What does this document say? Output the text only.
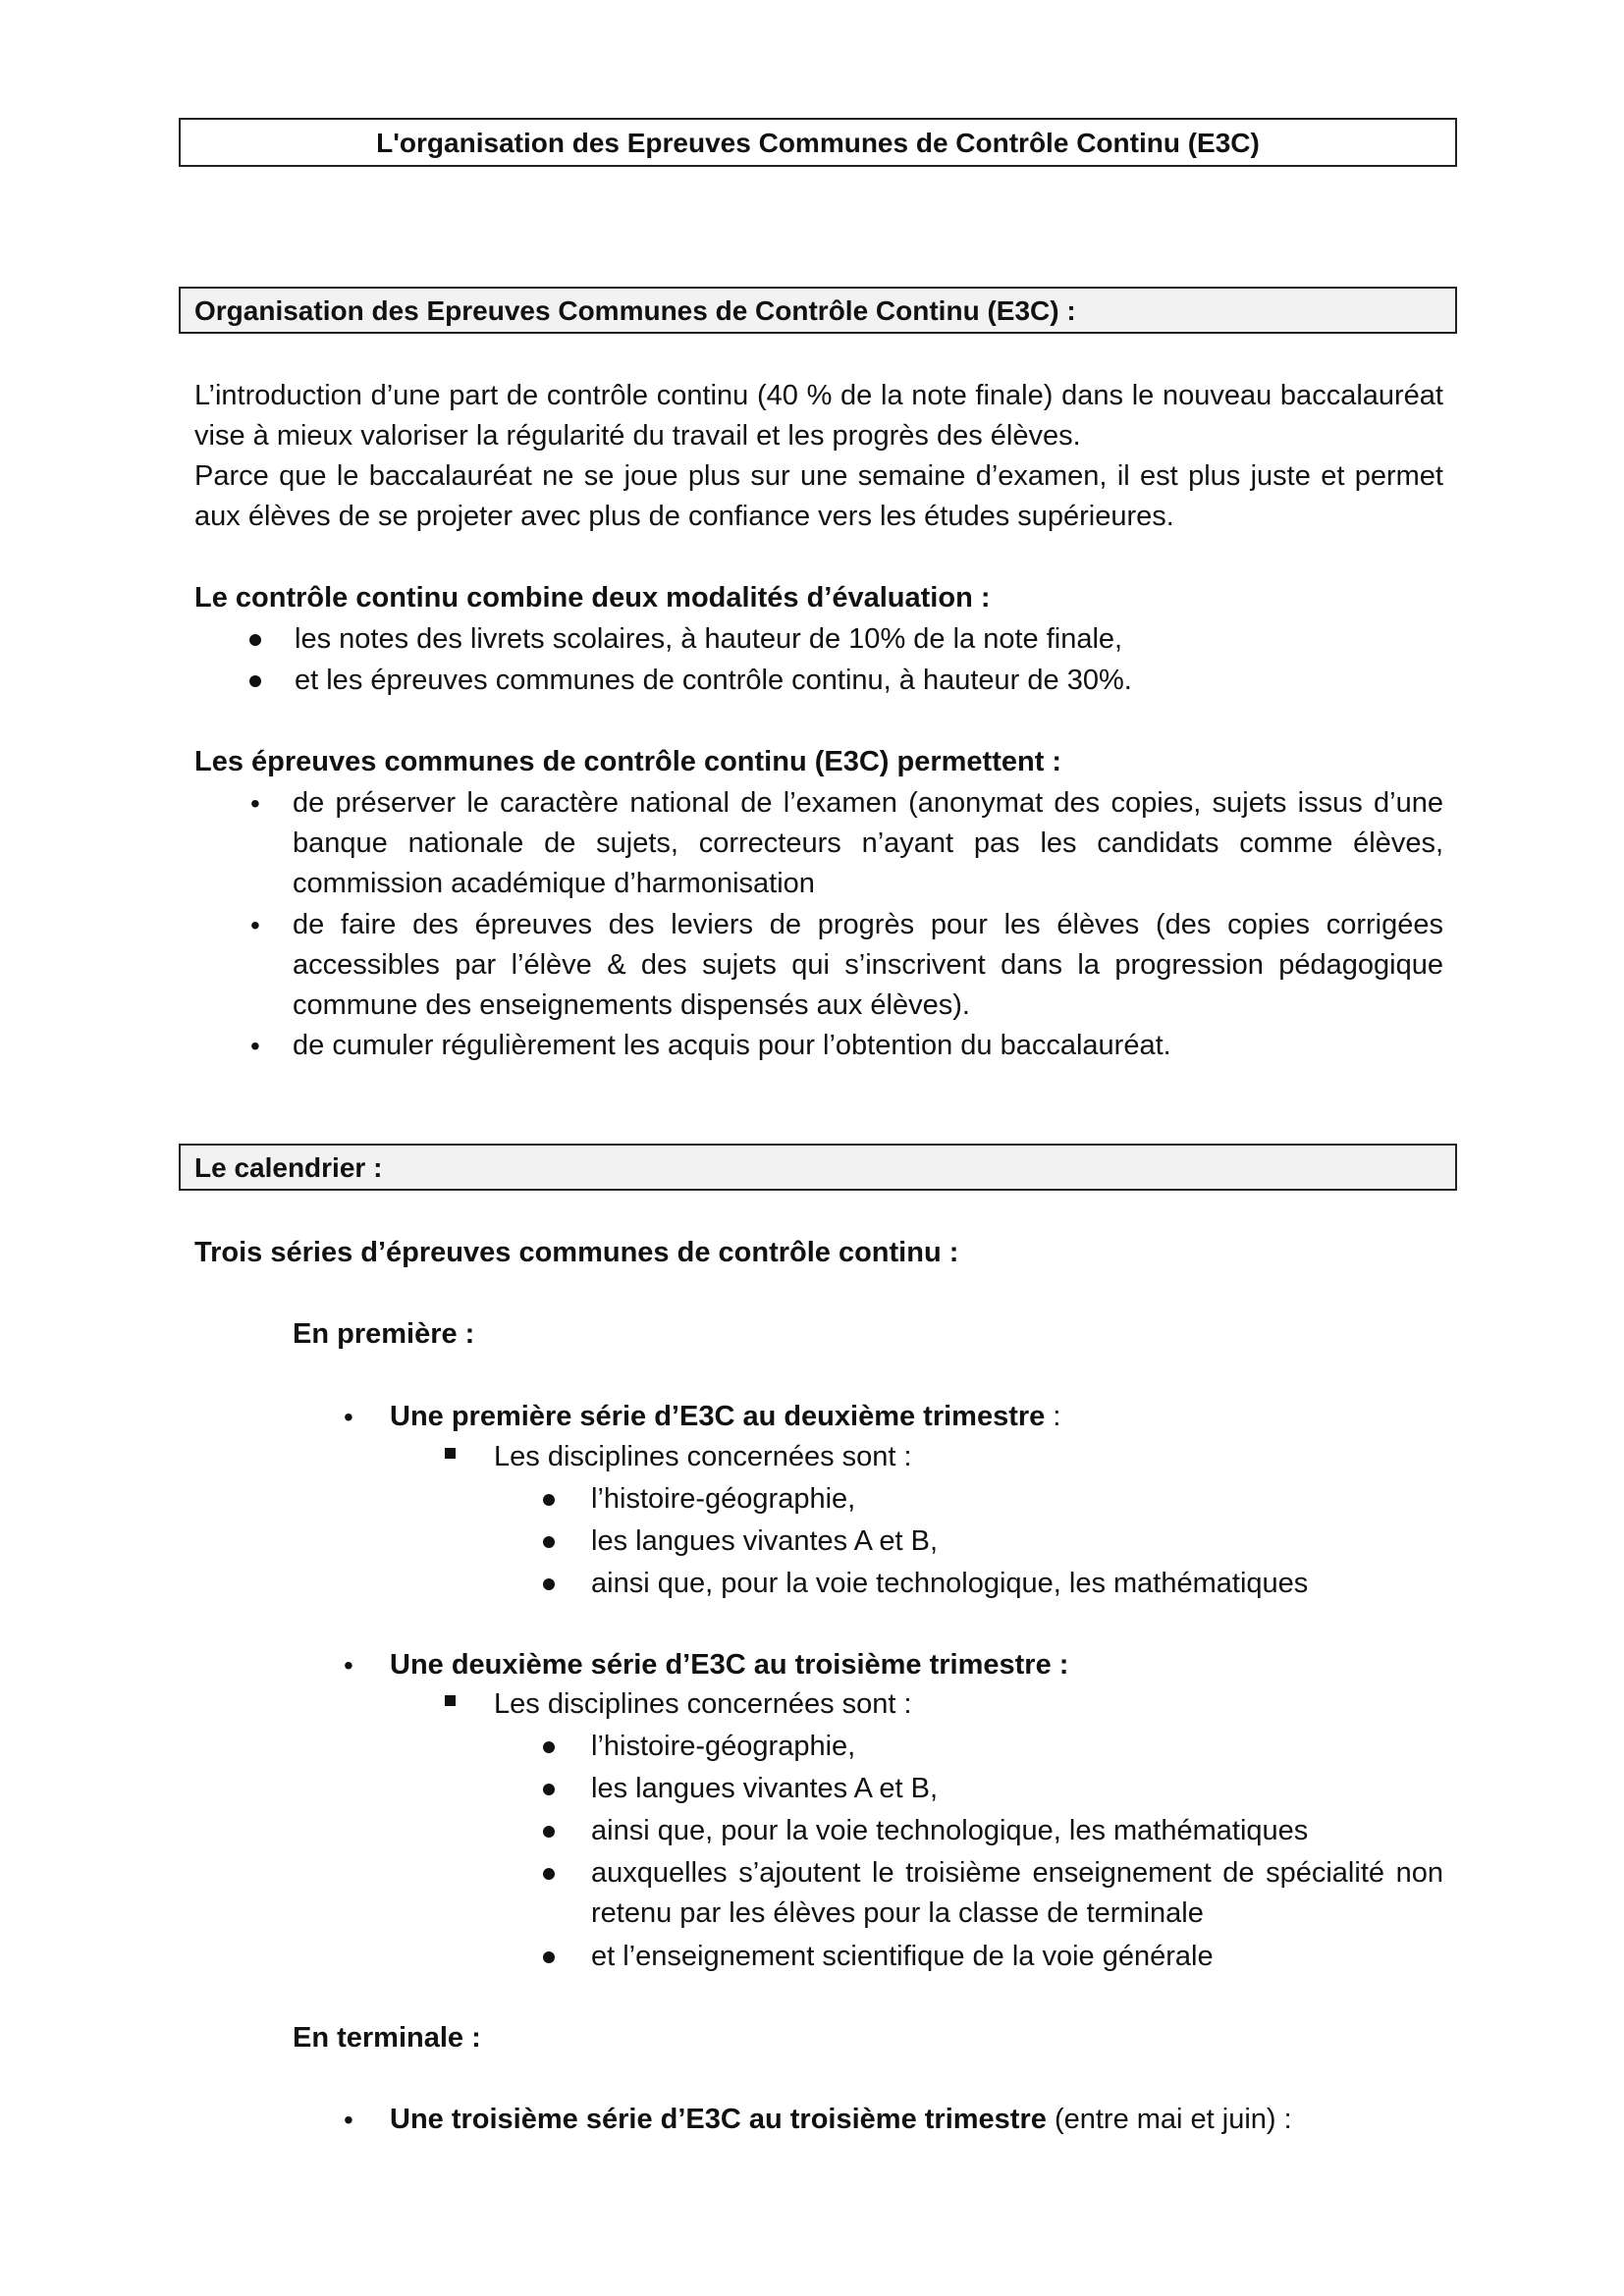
L'organisation des Epreuves Communes de Contrôle Continu (E3C)
Organisation des Epreuves Communes de Contrôle Continu (E3C) :
L’introduction d’une part de contrôle continu (40 % de la note finale) dans le nouveau baccalauréat vise à mieux valoriser la régularité du travail et les progrès des élèves.
Parce que le baccalauréat ne se joue plus sur une semaine d’examen, il est plus juste et permet aux élèves de se projeter avec plus de confiance vers les études supérieures.
Le contrôle continu combine deux modalités d’évaluation :
les notes des livrets scolaires, à hauteur de 10% de la note finale,
et les épreuves communes de contrôle continu, à hauteur de 30%.
Les épreuves communes de contrôle continu (E3C) permettent :
• de préserver le caractère national de l’examen (anonymat des copies, sujets issus d’une banque nationale de sujets, correcteurs n’ayant pas les candidats comme élèves, commission académique d’harmonisation
• de faire des épreuves des leviers de progrès pour les élèves (des copies corrigées accessibles par l’élève & des sujets qui s’inscrivent dans la progression pédagogique commune des enseignements dispensés aux élèves).
• de cumuler régulièrement les acquis pour l’obtention du baccalauréat.
Le calendrier :
Trois séries d’épreuves communes de contrôle continu :
En première :
• Une première série d’E3C au deuxième trimestre :
Les disciplines concernées sont :
l’histoire-géographie,
les langues vivantes A et B,
ainsi que, pour la voie technologique, les mathématiques
• Une deuxième série d’E3C au troisième trimestre :
Les disciplines concernées sont :
l’histoire-géographie,
les langues vivantes A et B,
ainsi que, pour la voie technologique, les mathématiques
auxquelles s’ajoutent le troisième enseignement de spécialité non retenu par les élèves pour la classe de terminale
et l’enseignement scientifique de la voie générale
En terminale :
• Une troisième série d’E3C au troisième trimestre (entre mai et juin) :
